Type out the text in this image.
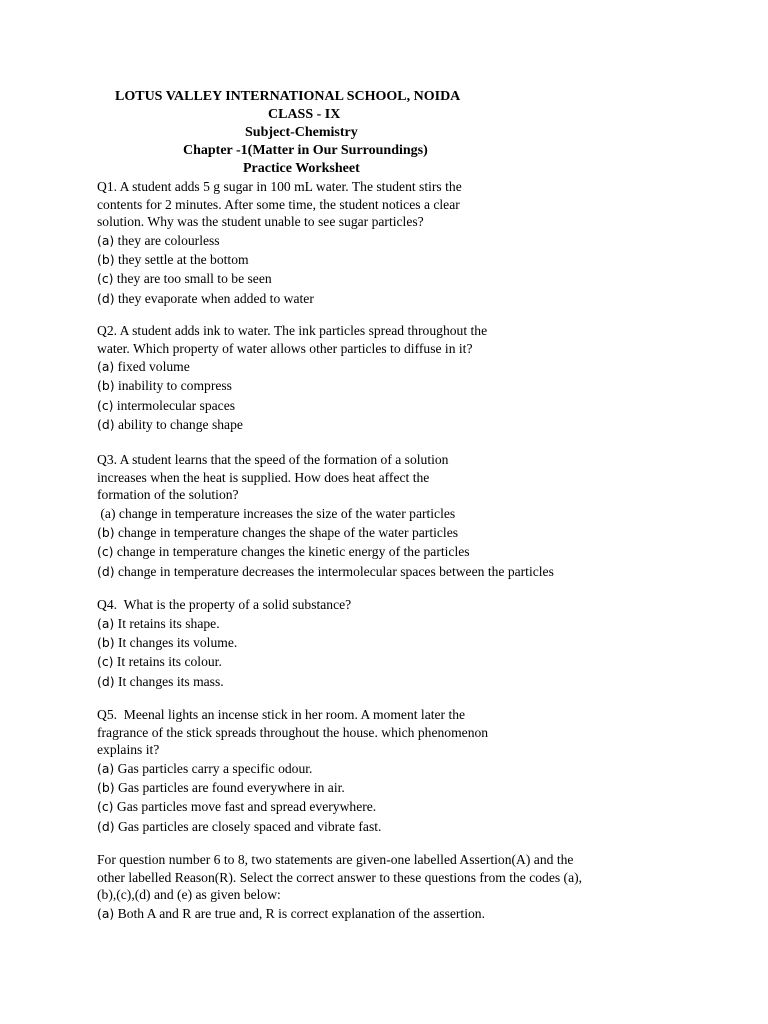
LOTUS VALLEY INTERNATIONAL SCHOOL, NOIDA
CLASS - IX
Subject-Chemistry
Chapter -1(Matter in Our Surroundings)
Practice Worksheet

Q1. A student adds 5 g sugar in 100 mL water. The student stirs the

contents for 2 minutes. After some time, the student notices a clear

solution. Why was the student unable to see sugar particles?

(a) they are colourless

(b) they settle at the bottom

(c) they are too small to be seen

(d) they evaporate when added to water

Q2. A student adds ink to water. The ink particles spread throughout the

water. Which property of water allows other particles to diffuse in it?

(a) fixed volume

(b) inability to compress

(c) intermolecular spaces

(d) ability to change shape

Q3. A student learns that the speed of the formation of a solution

increases when the heat is supplied. How does heat affect the

formation of the solution?

(a) change in temperature increases the size of the water particles

(b) change in temperature changes the shape of the water particles

(c) change in temperature changes the kinetic energy of the particles

(d) change in temperature decreases the intermolecular spaces between the particles

Q4.  What is the property of a solid substance?

(a) It retains its shape.

(b) It changes its volume.

(c) It retains its colour.

(d) It changes its mass.

Q5.  Meenal lights an incense stick in her room. A moment later the

fragrance of the stick spreads throughout the house. which phenomenon

explains it?

(a) Gas particles carry a specific odour.

(b) Gas particles are found everywhere in air.

(c) Gas particles move fast and spread everywhere.

(d) Gas particles are closely spaced and vibrate fast.

For question number 6 to 8, two statements are given-one labelled Assertion(A) and the

other labelled Reason(R). Select the correct answer to these questions from the codes (a),

(b),(c),(d) and (e) as given below:

(a) Both A and R are true and, R is correct explanation of the assertion.
